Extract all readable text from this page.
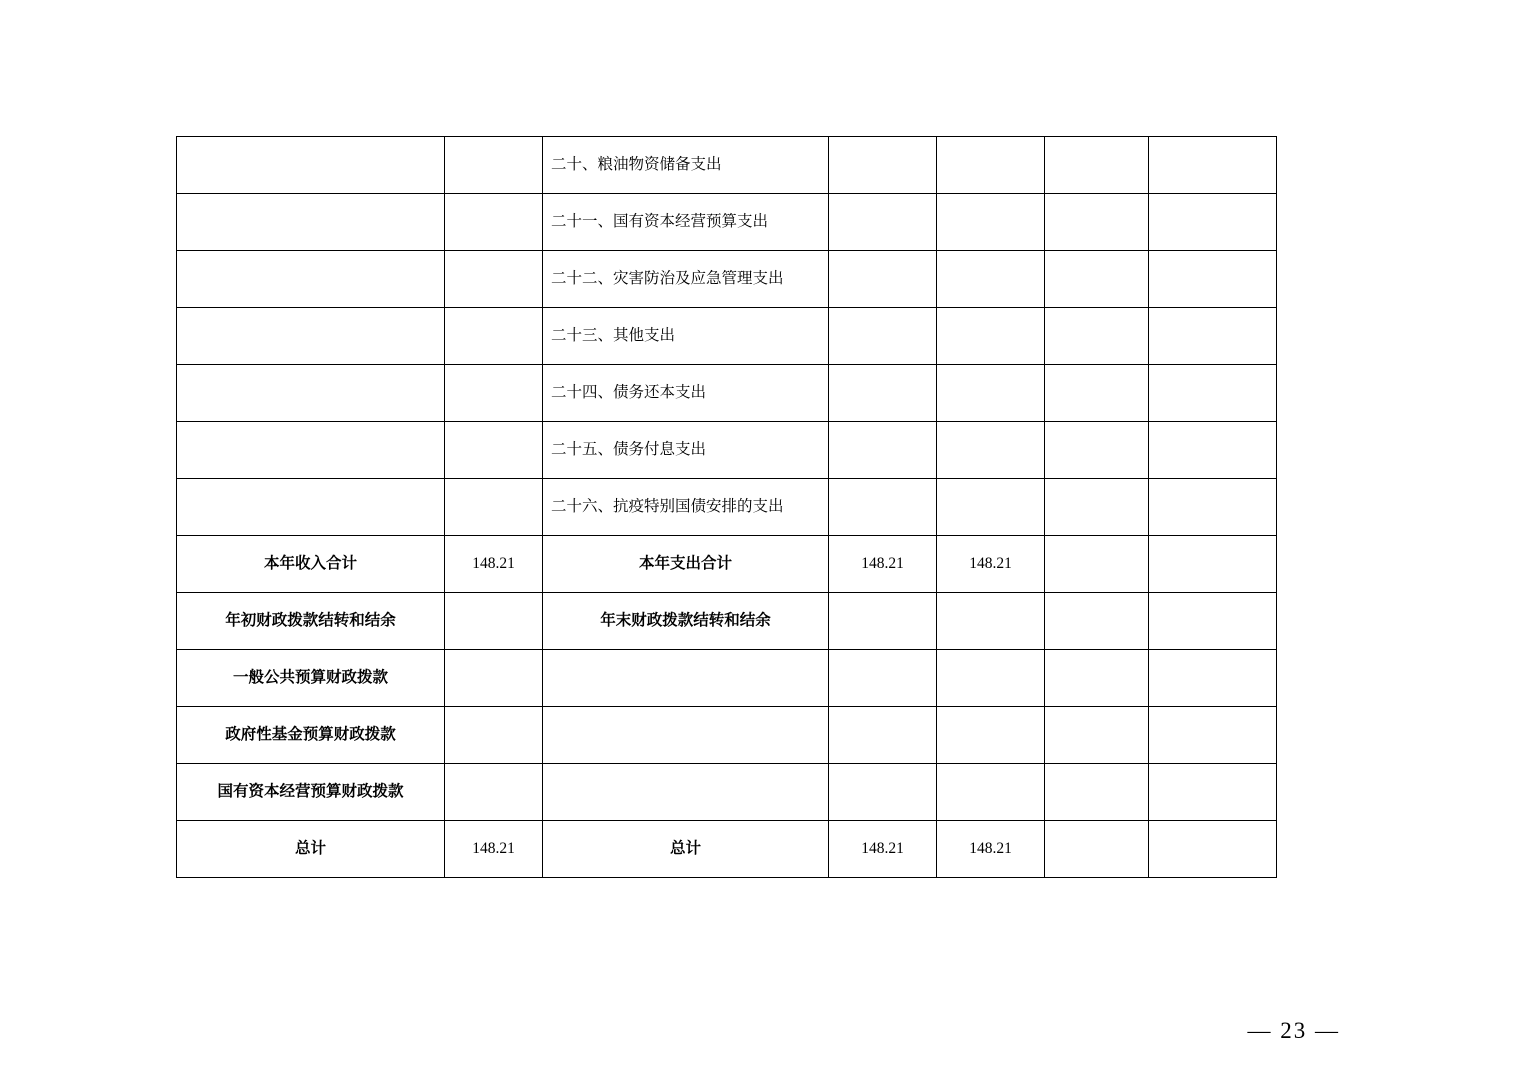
		二十、粮油物资储备支出				
		二十一、国有资本经营预算支出				
		二十二、灾害防治及应急管理支出				
		二十三、其他支出				
		二十四、债务还本支出				
		二十五、债务付息支出				
		二十六、抗疫特别国债安排的支出				
本年收入合计	148.21	本年支出合计	148.21	148.21		
年初财政拨款结转和结余		年末财政拨款结转和结余				
一般公共预算财政拨款						
政府性基金预算财政拨款						
国有资本经营预算财政拨款						
总计	148.21	总计	148.21	148.21		
— 23 —
